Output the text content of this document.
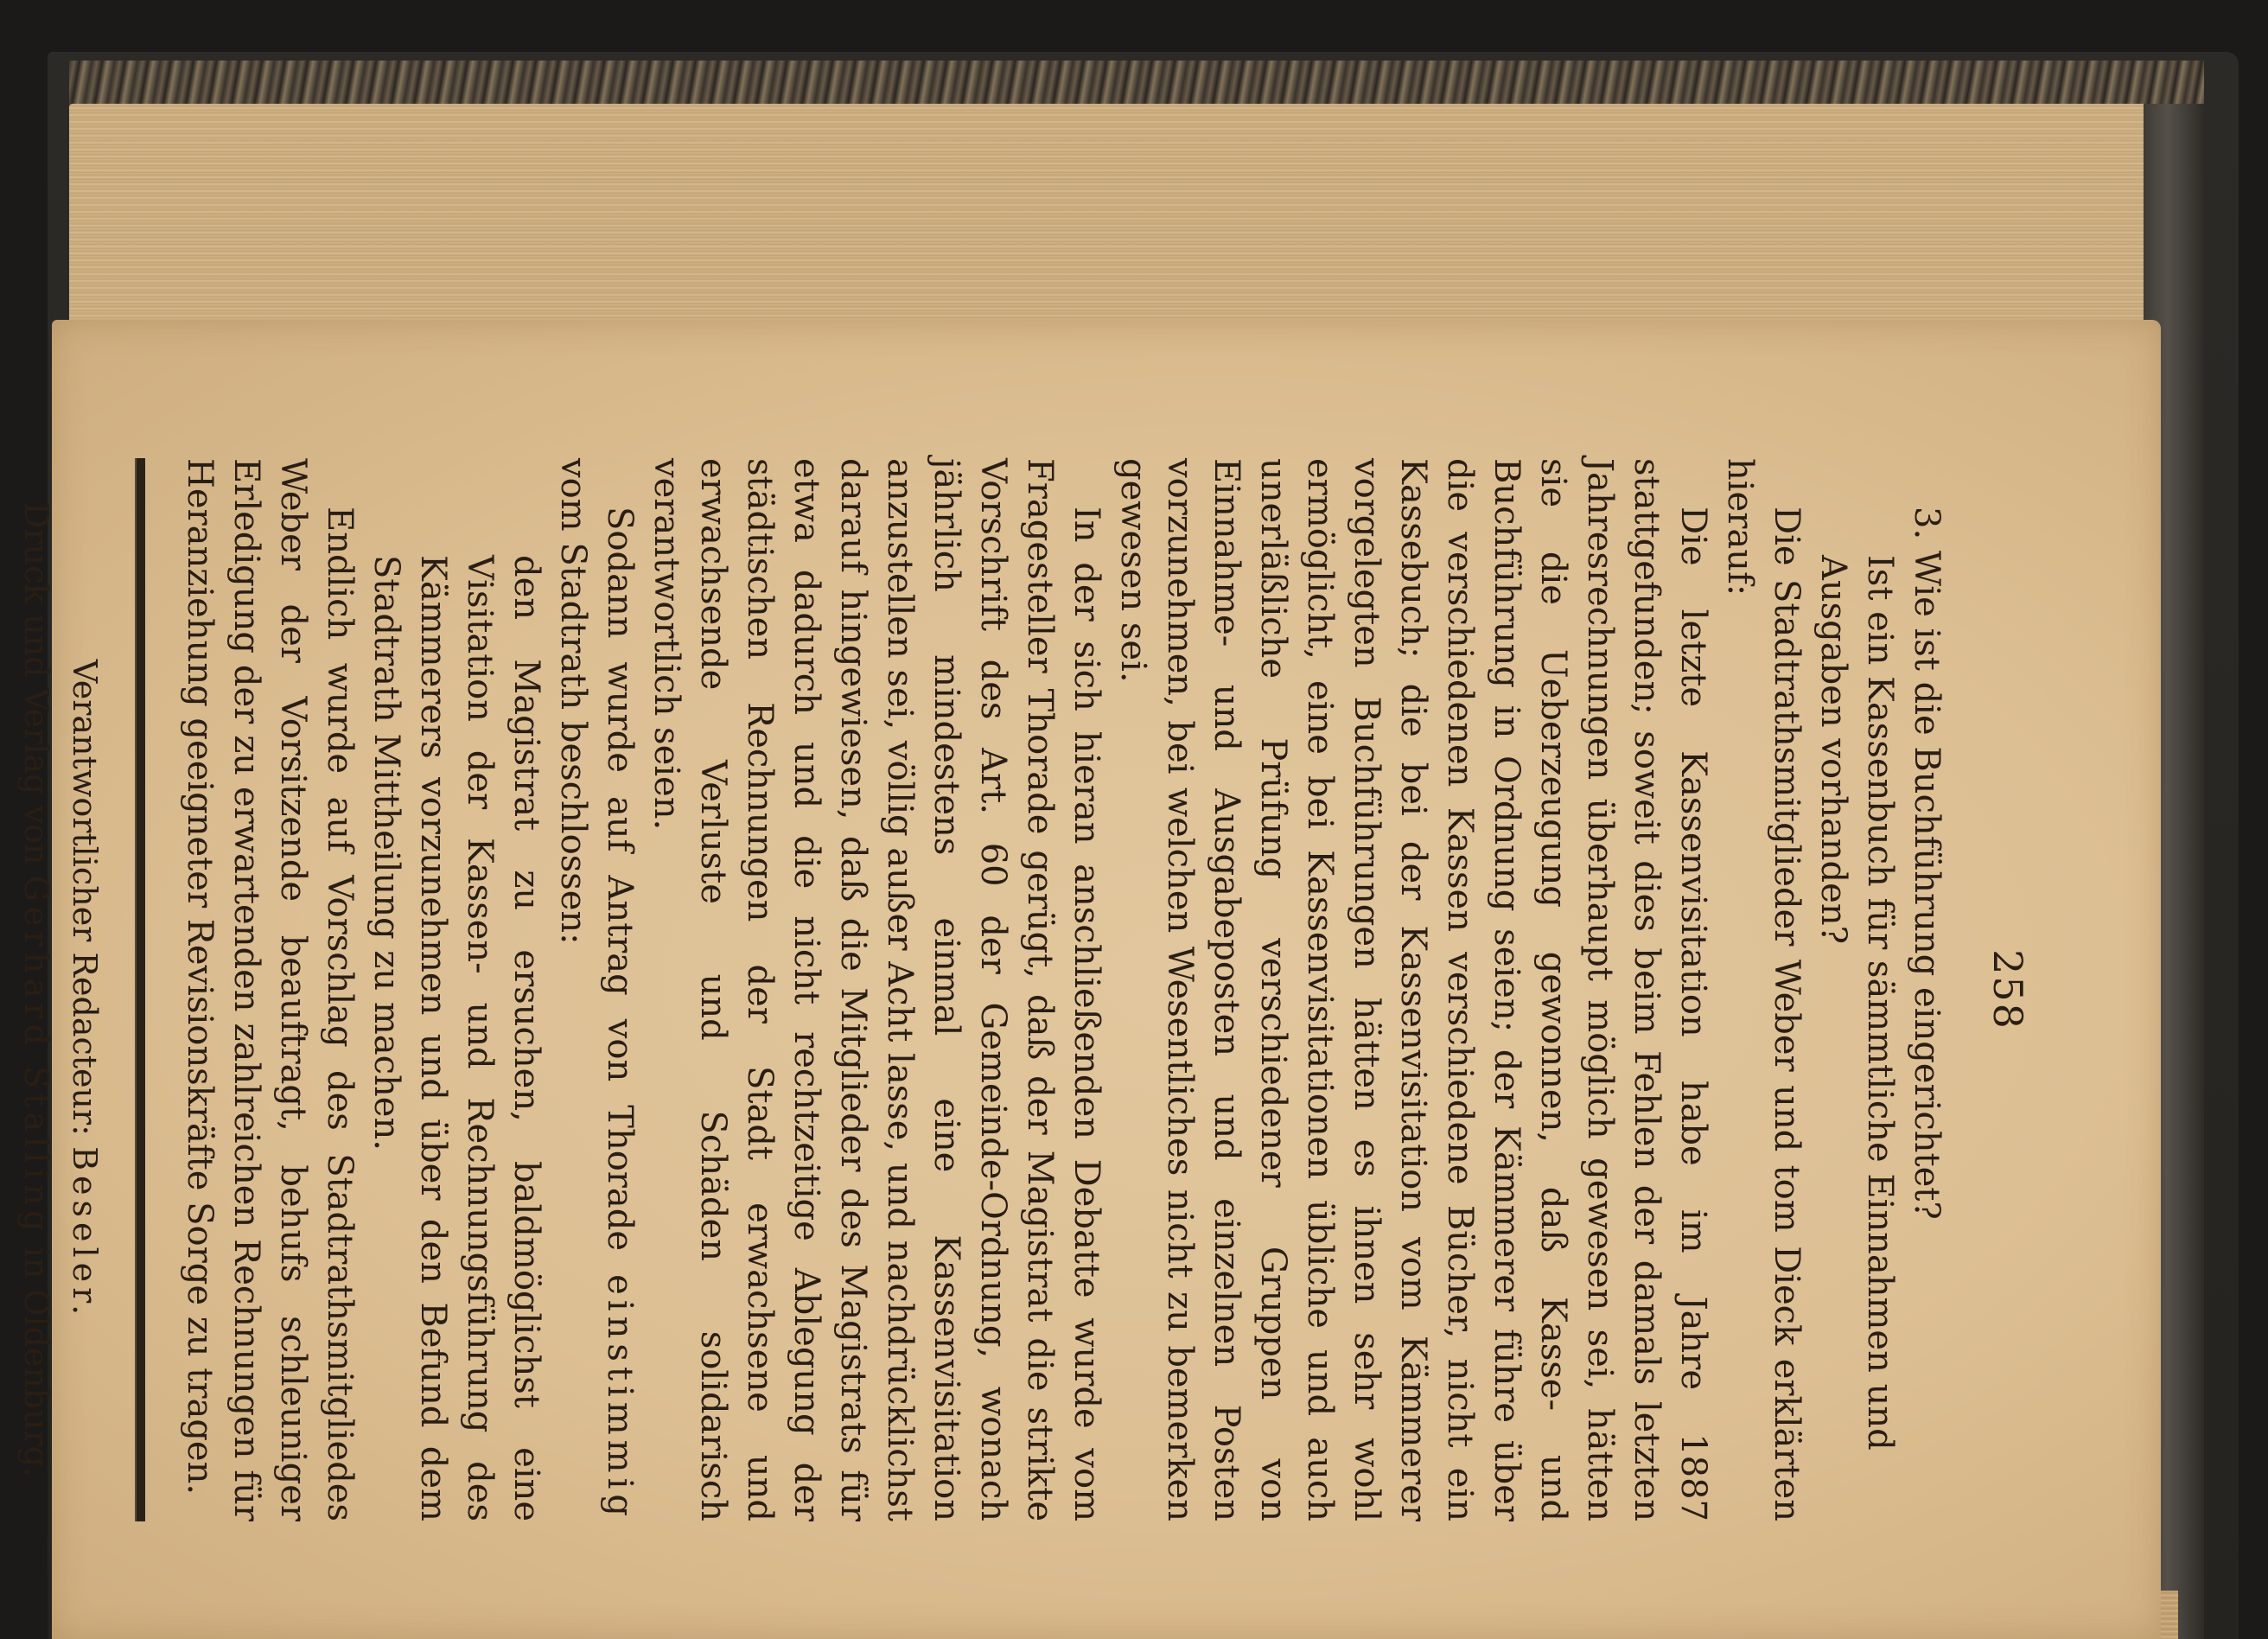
258
3. Wie ist die Buchführung eingerichtet?
Ist ein Kassenbuch für sämmtliche Einnahmen und
Ausgaben vorhanden?

Die Stadtrathsmitglieder Weber und tom Dieck erklärten hierauf:

Die letzte Kassenvisitation habe im Jahre 1887 stattgefunden; soweit dies beim Fehlen der damals letzten Jahresrechnungen überhaupt möglich gewesen sei, hätten sie die Ueberzeugung gewonnen, daß Kasse- und Buchführung in Ordnung seien; der Kämmerer führe über die verschiedenen Kassen verschiedene Bücher, nicht ein Kassebuch; die bei der Kassenvisitation vom Kämmerer vorgelegten Buchführungen hätten es ihnen sehr wohl ermöglicht, eine bei Kassenvisitationen übliche und auch unerläßliche Prüfung verschiedener Gruppen von Einnahme- und Ausgabeposten und einzelnen Posten vorzunehmen, bei welchen Wesentliches nicht zu bemerken gewesen sei.

In der sich hieran anschließenden Debatte wurde vom Fragesteller Thorade gerügt, daß der Magistrat die strikte Vorschrift des Art. 60 der Gemeinde-Ordnung, wonach jährlich mindestens einmal eine Kassenvisitation anzustellen sei, völlig außer Acht lasse, und nachdrücklichst darauf hingewiesen, daß die Mitglieder des Magistrats für etwa dadurch und die nicht rechtzeitige Ablegung der städtischen Rechnungen der Stadt erwachsene und erwachsende Verluste und Schäden solidarisch verantwortlich seien.

Sodann wurde auf Antrag von Thorade einstimmig vom Stadtrath beschlossen:

den Magistrat zu ersuchen, baldmöglichst eine Visitation der Kassen- und Rechnungsführung des Kämmerers vorzunehmen und über den Befund dem Stadtrath Mittheilung zu machen.

Endlich wurde auf Vorschlag des Stadtrathsmitgliedes Weber der Vorsitzende beauftragt, behufs schleuniger Erledigung der zu erwartenden zahlreichen Rechnungen für Heranziehung geeigneter Revisionskräfte Sorge zu tragen.

Verantwortlicher Redacteur: Beseler.
Druck und Verlag von Gerhard Stalling in Oldenburg.
